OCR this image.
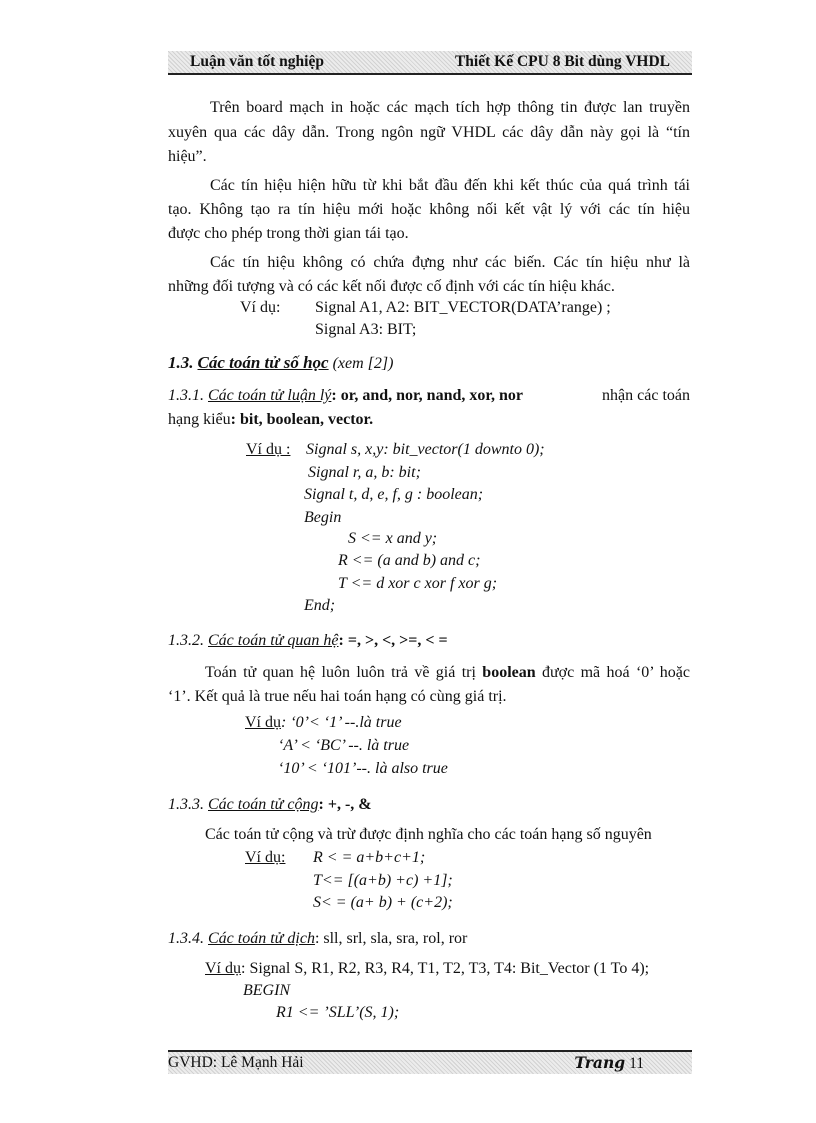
Luận văn tốt nghiệp	Thiết Kế CPU 8 Bit dùng VHDL
Trên board mạch in hoặc các mạch tích hợp thông tin được lan truyền
xuyên qua các dây dẫn. Trong ngôn ngữ VHDL các dây dẫn này gọi là “tín
hiệu”.
Các tín hiệu hiện hữu từ khi bắt đầu đến khi kết thúc của quá trình tái
tạo. Không tạo ra tín hiệu mới hoặc không nối kết vật lý với các tín hiệu
được cho phép trong thời gian tái tạo.
Các tín hiệu không có chứa đựng như các biến. Các tín hiệu như là
những đối tượng và có các kết nối được cố định với các tín hiệu khác.
Ví dụ: Signal A1, A2: BIT_VECTOR(DATA’range) ;
Signal A3: BIT;
1.3. Các toán tử số học (xem [2])
1.3.1. Các toán tử luận lý: or, and, nor, nand, xor, nor	nhận các toán
hạng kiểu: bit, boolean, vector.
Ví dụ : Signal s, x,y: bit_vector(1 downto 0);
Signal r, a, b: bit;
Signal t, d, e, f, g : boolean;
Begin
S <= x and y;
R <= (a and b) and c;
T <= d xor c xor f xor g;
End;
1.3.2. Các toán tử quan hệ: =, >, <, >=, < =
Toán tử quan hệ luôn luôn trả về giá trị boolean được mã hoá ‘0’ hoặc
‘1’. Kết quả là true nếu hai toán hạng có cùng giá trị.
Ví dụ: ‘0’< ‘1’ --.là true
‘A’ < ‘BC’ --. là true
‘10’ < ‘101’--. là also true
1.3.3. Các toán tử cộng: +, -, &
Các toán tử cộng và trừ được định nghĩa cho các toán hạng số nguyên
Ví dụ: R < = a+b+c+1;
T<= [(a+b) +c) +1];
S< = (a+ b) + (c+2);
1.3.4. Các toán tử dịch: sll, srl, sla, sra, rol, ror
Ví dụ: Signal S, R1, R2, R3, R4, T1, T2, T3, T4: Bit_Vector (1 To 4);
BEGIN
R1 <= ’SLL’(S, 1);
GVHD: Lê Mạnh Hải	Trang 11
